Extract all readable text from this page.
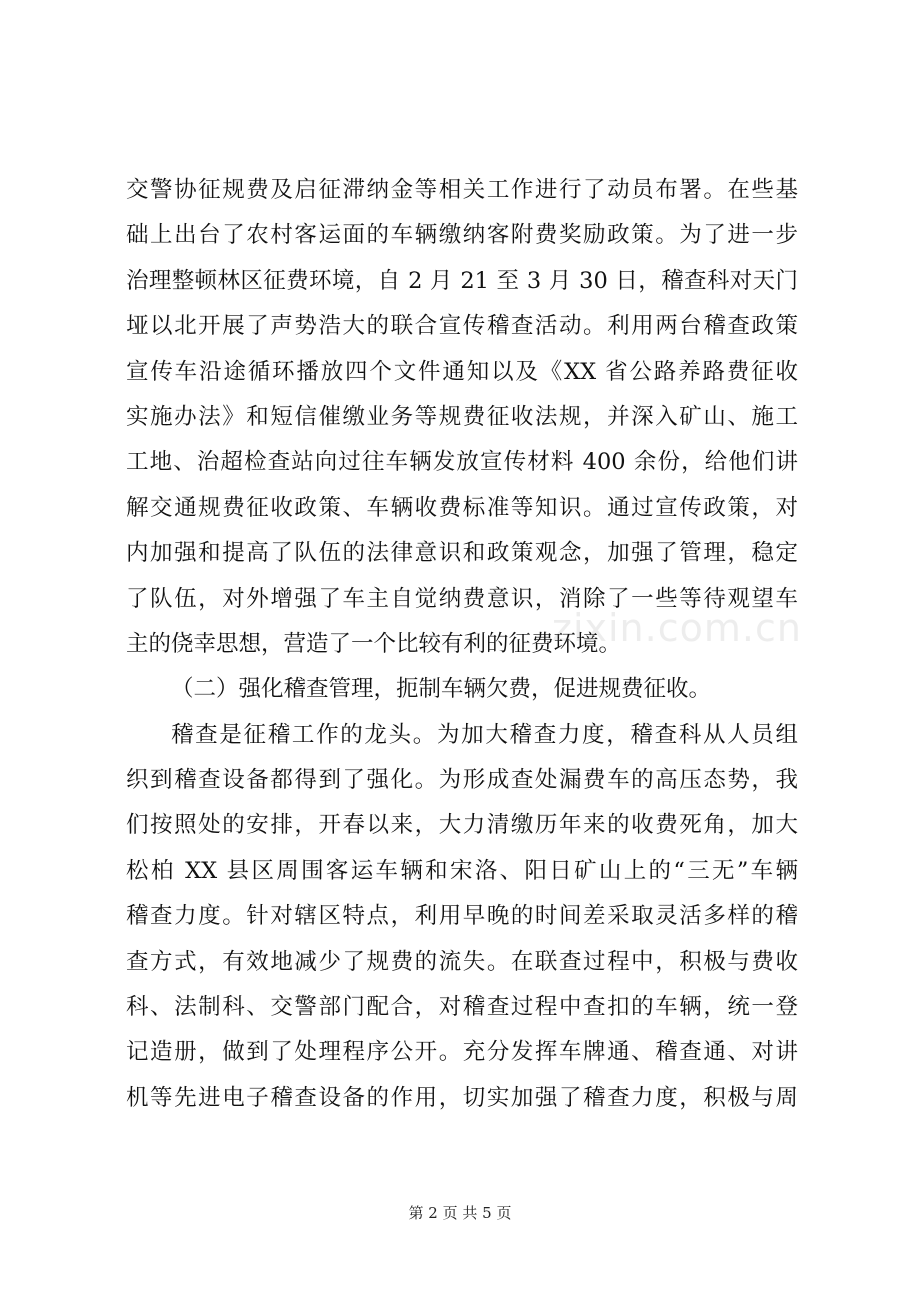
交警协征规费及启征滞纳金等相关工作进行了动员布署。在些基
础上出台了农村客运面的车辆缴纳客附费奖励政策。为了进一步
治理整顿林区征费环境，自 2 月 21 至 3 月 30 日，稽查科对天门
垭以北开展了声势浩大的联合宣传稽查活动。利用两台稽查政策
宣传车沿途循环播放四个文件通知以及《XX 省公路养路费征收
实施办法》和短信催缴业务等规费征收法规，并深入矿山、施工
工地、治超检查站向过往车辆发放宣传材料 400 余份，给他们讲
解交通规费征收政策、车辆收费标准等知识。通过宣传政策，对
内加强和提高了队伍的法律意识和政策观念，加强了管理，稳定
了队伍，对外增强了车主自觉纳费意识，消除了一些等待观望车
主的侥幸思想，营造了一个比较有利的征费环境。
（二）强化稽查管理，扼制车辆欠费，促进规费征收。
稽查是征稽工作的龙头。为加大稽查力度，稽查科从人员组
织到稽查设备都得到了强化。为形成查处漏费车的高压态势，我
们按照处的安排，开春以来，大力清缴历年来的收费死角，加大
松柏 XX 县区周围客运车辆和宋洛、阳日矿山上的“三无”车辆
稽查力度。针对辖区特点，利用早晚的时间差采取灵活多样的稽
查方式，有效地减少了规费的流失。在联查过程中，积极与费收
科、法制科、交警部门配合，对稽查过程中查扣的车辆，统一登
记造册，做到了处理程序公开。充分发挥车牌通、稽查通、对讲
机等先进电子稽查设备的作用，切实加强了稽查力度，积极与周
zixin.com.cn
第 2 页 共 5 页
